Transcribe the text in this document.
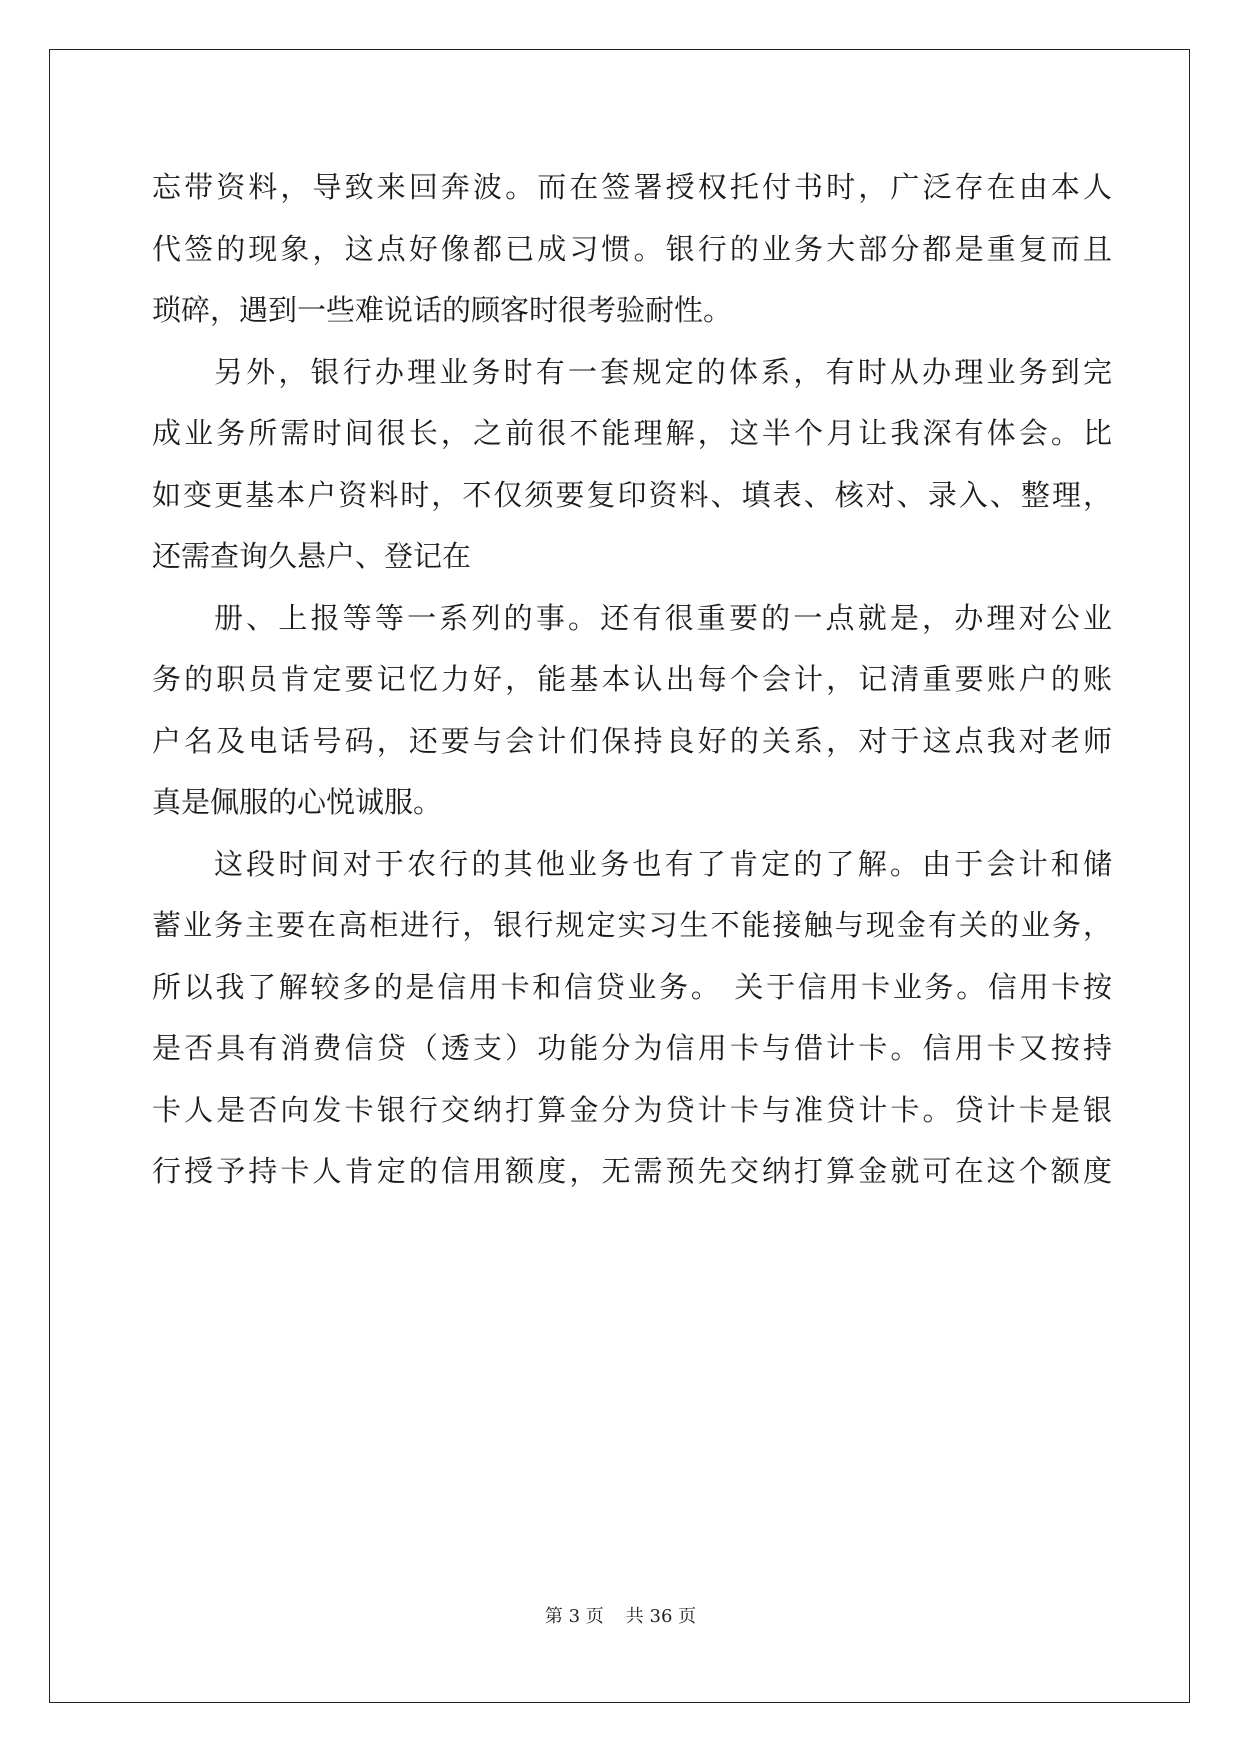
忘带资料，导致来回奔波。而在签署授权托付书时，广泛存在由本人
代签的现象，这点好像都已成习惯。银行的业务大部分都是重复而且
琐碎，遇到一些难说话的顾客时很考验耐性。
另外，银行办理业务时有一套规定的体系，有时从办理业务到完
成业务所需时间很长，之前很不能理解，这半个月让我深有体会。比
如变更基本户资料时，不仅须要复印资料、填表、核对、录入、整理，
还需查询久悬户、登记在
册、上报等等一系列的事。还有很重要的一点就是，办理对公业
务的职员肯定要记忆力好，能基本认出每个会计，记清重要账户的账
户名及电话号码，还要与会计们保持良好的关系，对于这点我对老师
真是佩服的心悦诚服。
这段时间对于农行的其他业务也有了肯定的了解。由于会计和储
蓄业务主要在高柜进行，银行规定实习生不能接触与现金有关的业务，
所以我了解较多的是信用卡和信贷业务。 关于信用卡业务。信用卡按
是否具有消费信贷（透支）功能分为信用卡与借计卡。信用卡又按持
卡人是否向发卡银行交纳打算金分为贷计卡与准贷计卡。贷计卡是银
行授予持卡人肯定的信用额度，无需预先交纳打算金就可在这个额度
第 3 页 共 36 页
